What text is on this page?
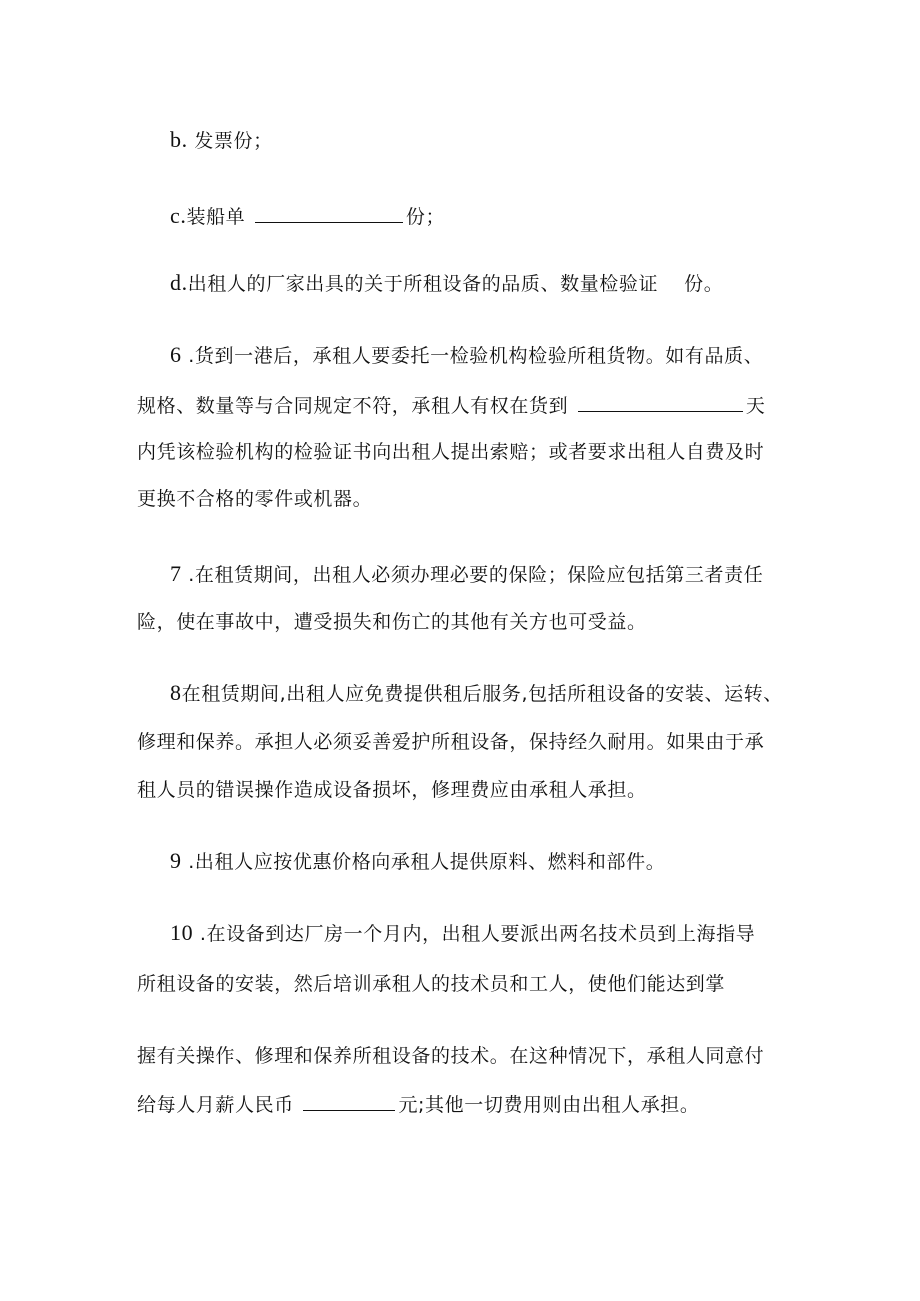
b. 发票份；
c.装船单	份；
d.出租人的厂家出具的关于所租设备的品质、数量检验证 份。
6 .货到一港后，承租人要委托一检验机构检验所租货物。如有品质、
规格、数量等与合同规定不符，承租人有权在货到	天
内凭该检验机构的检验证书向出租人提出索赔；或者要求出租人自费及时
更换不合格的零件或机器。
7 .在租赁期间，出租人必须办理必要的保险；保险应包括第三者责任
险，使在事故中，遭受损失和伤亡的其他有关方也可受益。
8在租赁期间,出租人应免费提供租后服务,包括所租设备的安装、运转、
修理和保养。承担人必须妥善爱护所租设备，保持经久耐用。如果由于承
租人员的错误操作造成设备损坏，修理费应由承租人承担。
9 .出租人应按优惠价格向承租人提供原料、燃料和部件。
10 .在设备到达厂房一个月内，出租人要派出两名技术员到上海指导
所租设备的安装，然后培训承租人的技术员和工人，使他们能达到掌
握有关操作、修理和保养所租设备的技术。在这种情况下，承租人同意付
给每人月薪人民币	元;其他一切费用则由出租人承担。
